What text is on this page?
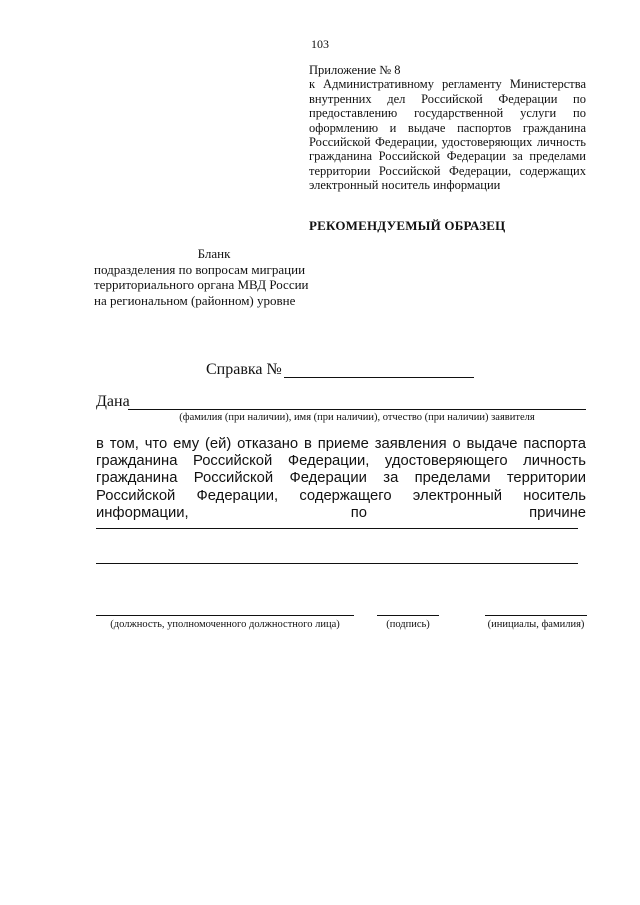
103
Приложение № 8
к Административному регламенту Министерства внутренних дел Российской Федерации по предоставлению государственной услуги по оформлению и выдаче паспортов гражданина Российской Федерации, удостоверяющих личность гражданина Российской Федерации за пределами территории Российской Федерации, содержащих электронный носитель информации
РЕКОМЕНДУЕМЫЙ ОБРАЗЕЦ
Бланк
подразделения по вопросам миграции
территориального органа МВД России
на региональном (районном) уровне
Справка №
Дана
(фамилия (при наличии), имя (при наличии), отчество (при наличии) заявителя
в том, что ему (ей) отказано в приеме заявления о выдаче паспорта гражданина Российской Федерации, удостоверяющего личность гражданина Российской Федерации за пределами территории Российской Федерации, содержащего электронный носитель информации, по причине
(должность, уполномоченного должностного лица)	(подпись)	(инициалы, фамилия)
